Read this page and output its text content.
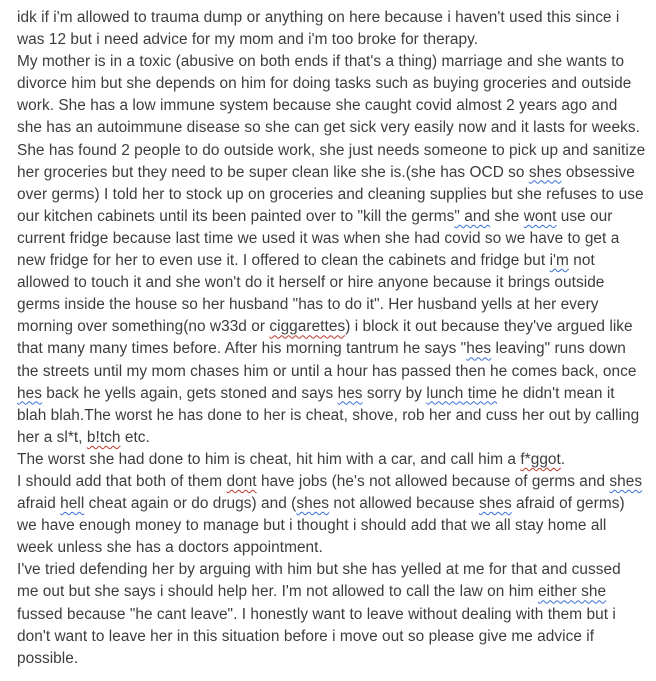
idk if i'm allowed to trauma dump or anything on here because i haven't used this since i was 12 but i need advice for my mom and i'm too broke for therapy.

My mother is in a toxic (abusive on both ends if that's a thing) marriage and she wants to divorce him but she depends on him for doing tasks such as buying groceries and outside work. She has a low immune system because she caught covid almost 2 years ago and she has an autoimmune disease so she can get sick very easily now and it lasts for weeks. She has found 2 people to do outside work, she just needs someone to pick up and sanitize her groceries but they need to be super clean like she is.(she has OCD so shes obsessive over germs) I told her to stock up on groceries and cleaning supplies but she refuses to use our kitchen cabinets until its been painted over to "kill the germs" and she wont use our current fridge because last time we used it was when she had covid so we have to get a new fridge for her to even use it. I offered to clean the cabinets and fridge but i'm not allowed to touch it and she won't do it herself or hire anyone because it brings outside germs inside the house so her husband "has to do it". Her husband yells at her every morning over something(no w33d or ciggarettes) i block it out because they've argued like that many many times before. After his morning tantrum he says "hes leaving" runs down the streets until my mom chases him or until a hour has passed then he comes back, once hes back he yells again, gets stoned and says hes sorry by lunch time he didn't mean it blah blah.The worst he has done to her is cheat, shove, rob her and cuss her out by calling her a sl*t, b!tch etc.

The worst she had done to him is cheat, hit him with a car, and call him a f*ggot.

I should add that both of them dont have jobs (he's not allowed because of germs and shes afraid hell cheat again or do drugs) and (shes not allowed because shes afraid of germs) we have enough money to manage but i thought i should add that we all stay home all week unless she has a doctors appointment.

I've tried defending her by arguing with him but she has yelled at me for that and cussed me out but she says i should help her. I'm not allowed to call the law on him either she fussed because "he cant leave". I honestly want to leave without dealing with them but i don't want to leave her in this situation before i move out so please give me advice if possible.
